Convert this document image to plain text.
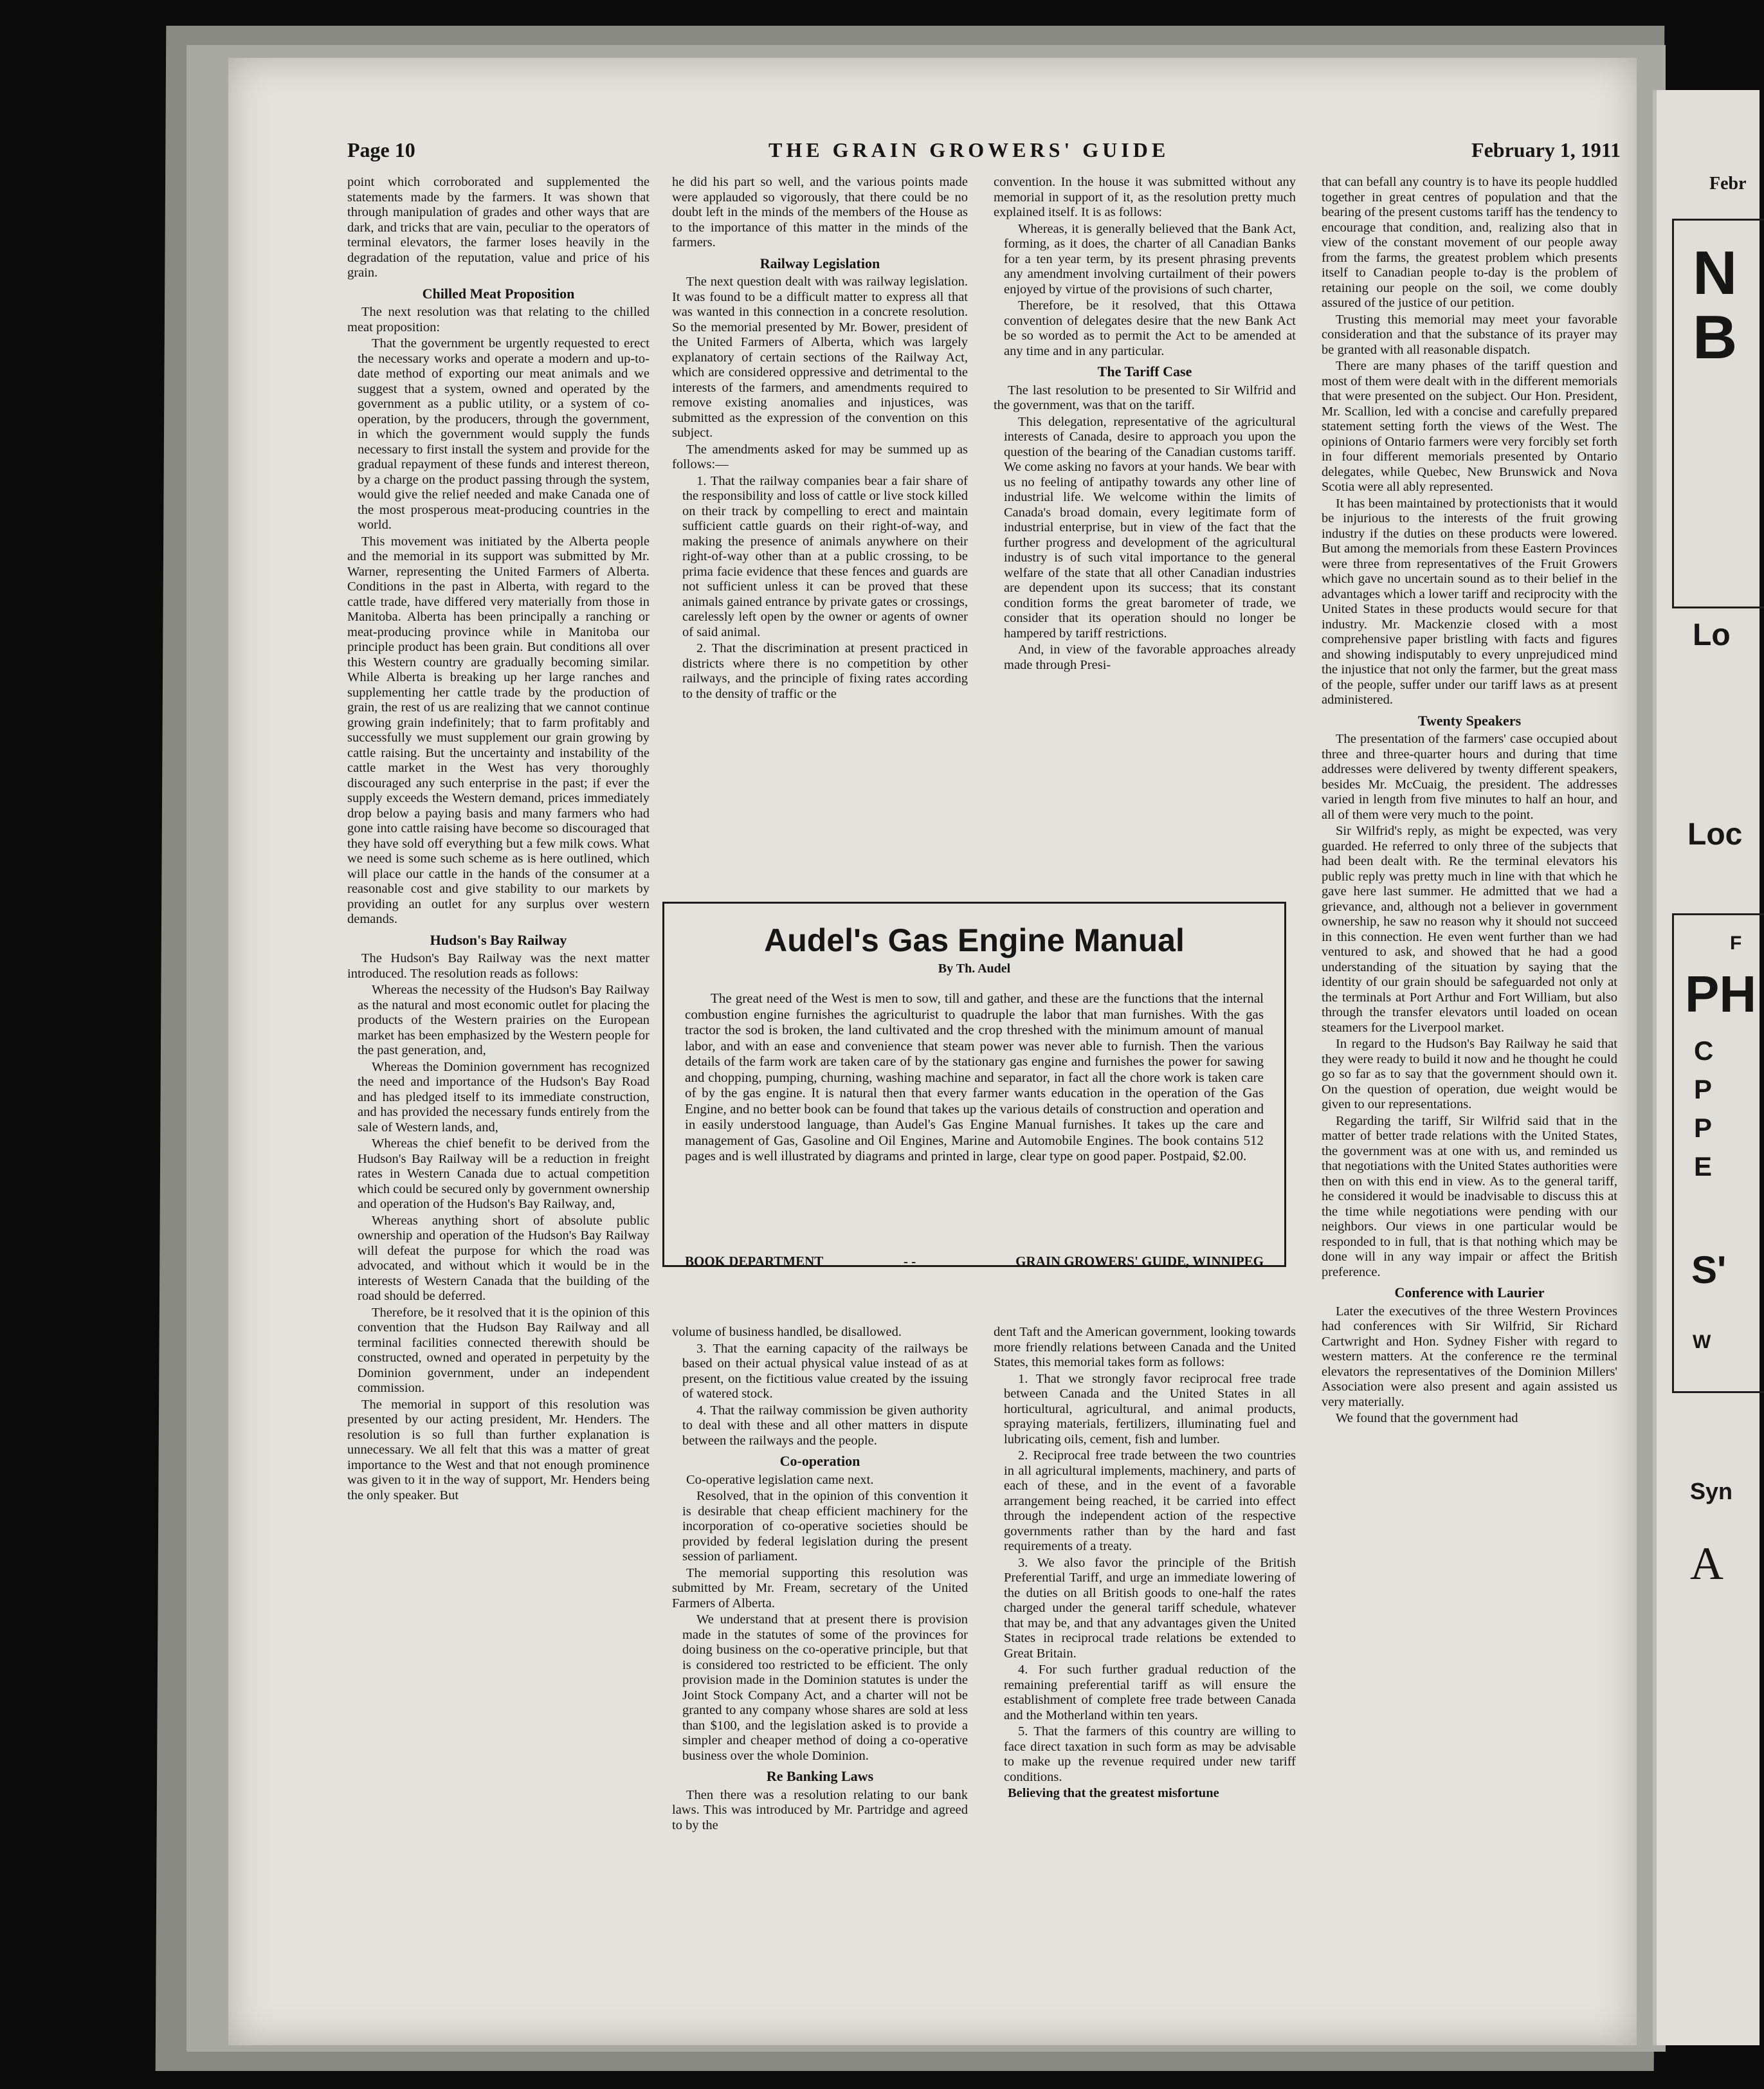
Page 10	THE GRAIN GROWERS' GUIDE	February 1, 1911

point which corroborated and supplemented the statements made by the farmers. It was shown that through manipulation of grades and other ways that are dark, and tricks that are vain, peculiar to the operators of terminal elevators, the farmer loses heavily in the degradation of the reputation, value and price of his grain.

Chilled Meat Proposition

The next resolution was that relating to the chilled meat proposition:

That the government be urgently requested to erect the necessary works and operate a modern and up-to-date method of exporting our meat animals and we suggest that a system, owned and operated by the government as a public utility, or a system of co-operation, by the producers, through the government, in which the government would supply the funds necessary to first install the system and provide for the gradual repayment of these funds and interest thereon, by a charge on the product passing through the system, would give the relief needed and make Canada one of the most prosperous meat-producing countries in the world.

This movement was initiated by the Alberta people and the memorial in its support was submitted by Mr. Warner, representing the United Farmers of Alberta. Conditions in the past in Alberta, with regard to the cattle trade, have differed very materially from those in Manitoba. Alberta has been principally a ranching or meat-producing province while in Manitoba our principle product has been grain. But conditions all over this Western country are gradually becoming similar. While Alberta is breaking up her large ranches and supplementing her cattle trade by the production of grain, the rest of us are realizing that we cannot continue growing grain indefinitely; that to farm profitably and successfully we must supplement our grain growing by cattle raising. But the uncertainty and instability of the cattle market in the West has very thoroughly discouraged any such enterprise in the past; if ever the supply exceeds the Western demand, prices immediately drop below a paying basis and many farmers who had gone into cattle raising have become so discouraged that they have sold off everything but a few milk cows. What we need is some such scheme as is here outlined, which will place our cattle in the hands of the consumer at a reasonable cost and give stability to our markets by providing an outlet for any surplus over western demands.

Hudson's Bay Railway

The Hudson's Bay Railway was the next matter introduced. The resolution reads as follows:

Whereas the necessity of the Hudson's Bay Railway as the natural and most economic outlet for placing the products of the Western prairies on the European market has been emphasized by the Western people for the past generation, and,

Whereas the Dominion government has recognized the need and importance of the Hudson's Bay Road and has pledged itself to its immediate construction, and has provided the necessary funds entirely from the sale of Western lands, and,

Whereas the chief benefit to be derived from the Hudson's Bay Railway will be a reduction in freight rates in Western Canada due to actual competition which could be secured only by government ownership and operation of the Hudson's Bay Railway, and,

Whereas anything short of absolute public ownership and operation of the Hudson's Bay Railway will defeat the purpose for which the road was advocated, and without which it would be in the interests of Western Canada that the building of the road should be deferred.

Therefore, be it resolved that it is the opinion of this convention that the Hudson Bay Railway and all terminal facilities connected therewith should be constructed, owned and operated in perpetuity by the Dominion government, under an independent commission.

The memorial in support of this resolution was presented by our acting president, Mr. Henders. The resolution is so full than further explanation is unnecessary. We all felt that this was a matter of great importance to the West and that not enough prominence was given to it in the way of support, Mr. Henders being the only speaker. But

he did his part so well, and the various points made were applauded so vigorously, that there could be no doubt left in the minds of the members of the House as to the importance of this matter in the minds of the farmers.

Railway Legislation

The next question dealt with was railway legislation. It was found to be a difficult matter to express all that was wanted in this connection in a concrete resolution. So the memorial presented by Mr. Bower, president of the United Farmers of Alberta, which was largely explanatory of certain sections of the Railway Act, which are considered oppressive and detrimental to the interests of the farmers, and amendments required to remove existing anomalies and injustices, was submitted as the expression of the convention on this subject.

The amendments asked for may be summed up as follows:—

1. That the railway companies bear a fair share of the responsibility and loss of cattle or live stock killed on their track by compelling to erect and maintain sufficient cattle guards on their right-of-way, and making the presence of animals anywhere on their right-of-way other than at a public crossing, to be prima facie evidence that these fences and guards are not sufficient unless it can be proved that these animals gained entrance by private gates or crossings, carelessly left open by the owner or agents of owner of said animal.

2. That the discrimination at present practiced in districts where there is no competition by other railways, and the principle of fixing rates according to the density of traffic or the

convention. In the house it was submitted without any memorial in support of it, as the resolution pretty much explained itself. It is as follows:

Whereas, it is generally believed that the Bank Act, forming, as it does, the charter of all Canadian Banks for a ten year term, by its present phrasing prevents any amendment involving curtailment of their powers enjoyed by virtue of the provisions of such charter,

Therefore, be it resolved, that this Ottawa convention of delegates desire that the new Bank Act be so worded as to permit the Act to be amended at any time and in any particular.

The Tariff Case

The last resolution to be presented to Sir Wilfrid and the government, was that on the tariff.

This delegation, representative of the agricultural interests of Canada, desire to approach you upon the question of the bearing of the Canadian customs tariff. We come asking no favors at your hands. We bear with us no feeling of antipathy towards any other line of industrial life. We welcome within the limits of Canada's broad domain, every legitimate form of industrial enterprise, but in view of the fact that the further progress and development of the agricultural industry is of such vital importance to the general welfare of the state that all other Canadian industries are dependent upon its success; that its constant condition forms the great barometer of trade, we consider that its operation should no longer be hampered by tariff restrictions.

And, in view of the favorable approaches already made through Presi-

that can befall any country is to have its people huddled together in great centres of population and that the bearing of the present customs tariff has the tendency to encourage that condition, and, realizing also that in view of the constant movement of our people away from the farms, the greatest problem which presents itself to Canadian people to-day is the problem of retaining our people on the soil, we come doubly assured of the justice of our petition.

Trusting this memorial may meet your favorable consideration and that the substance of its prayer may be granted with all reasonable dispatch.

There are many phases of the tariff question and most of them were dealt with in the different memorials that were presented on the subject. Our Hon. President, Mr. Scallion, led with a concise and carefully prepared statement setting forth the views of the West. The opinions of Ontario farmers were very forcibly set forth in four different memorials presented by Ontario delegates, while Quebec, New Brunswick and Nova Scotia were all ably represented.

It has been maintained by protectionists that it would be injurious to the interests of the fruit growing industry if the duties on these products were lowered. But among the memorials from these Eastern Provinces were three from representatives of the Fruit Growers which gave no uncertain sound as to their belief in the advantages which a lower tariff and reciprocity with the United States in these products would secure for that industry. Mr. Mackenzie closed with a most comprehensive paper bristling with facts and figures and showing indisputably to every unprejudiced mind the injustice that not only the farmer, but the great mass of the people, suffer under our tariff laws as at present administered.

Twenty Speakers

The presentation of the farmers' case occupied about three and three-quarter hours and during that time addresses were delivered by twenty different speakers, besides Mr. McCuaig, the president. The addresses varied in length from five minutes to half an hour, and all of them were very much to the point.

Sir Wilfrid's reply, as might be expected, was very guarded. He referred to only three of the subjects that had been dealt with. Re the terminal elevators his public reply was pretty much in line with that which he gave here last summer. He admitted that we had a grievance, and, although not a believer in government ownership, he saw no reason why it should not succeed in this connection. He even went further than we had ventured to ask, and showed that he had a good understanding of the situation by saying that the identity of our grain should be safeguarded not only at the terminals at Port Arthur and Fort William, but also through the transfer elevators until loaded on ocean steamers for the Liverpool market.

In regard to the Hudson's Bay Railway he said that they were ready to build it now and he thought he could go so far as to say that the government should own it. On the question of operation, due weight would be given to our representations.

Regarding the tariff, Sir Wilfrid said that in the matter of better trade relations with the United States, the government was at one with us, and reminded us that negotiations with the United States authorities were then on with this end in view. As to the general tariff, he considered it would be inadvisable to discuss this at the time while negotiations were pending with our neighbors. Our views in one particular would be responded to in full, that is that nothing which may be done will in any way impair or affect the British preference.

Conference with Laurier

Later the executives of the three Western Provinces had conferences with Sir Wilfrid, Sir Richard Cartwright and Hon. Sydney Fisher with regard to western matters. At the conference re the terminal elevators the representatives of the Dominion Millers' Association were also present and again assisted us very materially.

We found that the government had

Audel's Gas Engine Manual
By Th. Audel
The great need of the West is men to sow, till and gather, and these are the functions that the internal combustion engine furnishes the agriculturist to quadruple the labor that man furnishes. With the gas tractor the sod is broken, the land cultivated and the crop threshed with the minimum amount of manual labor, and with an ease and convenience that steam power was never able to furnish. Then the various details of the farm work are taken care of by the stationary gas engine and furnishes the power for sawing and chopping, pumping, churning, washing machine and separator, in fact all the chore work is taken care of by the gas engine. It is natural then that every farmer wants education in the operation of the Gas Engine, and no better book can be found that takes up the various details of construction and operation and in easily understood language, than Audel's Gas Engine Manual furnishes. It takes up the care and management of Gas, Gasoline and Oil Engines, Marine and Automobile Engines. The book contains 512 pages and is well illustrated by diagrams and printed in large, clear type on good paper. Postpaid, $2.00.
BOOK DEPARTMENT	- -	GRAIN GROWERS' GUIDE, WINNIPEG

volume of business handled, be disallowed.

3. That the earning capacity of the railways be based on their actual physical value instead of as at present, on the fictitious value created by the issuing of watered stock.

4. That the railway commission be given authority to deal with these and all other matters in dispute between the railways and the people.

Co-operation

Co-operative legislation came next.

Resolved, that in the opinion of this convention it is desirable that cheap efficient machinery for the incorporation of co-operative societies should be provided by federal legislation during the present session of parliament.

The memorial supporting this resolution was submitted by Mr. Fream, secretary of the United Farmers of Alberta.

We understand that at present there is provision made in the statutes of some of the provinces for doing business on the co-operative principle, but that is considered too restricted to be efficient. The only provision made in the Dominion statutes is under the Joint Stock Company Act, and a charter will not be granted to any company whose shares are sold at less than $100, and the legislation asked is to provide a simpler and cheaper method of doing a co-operative business over the whole Dominion.

Re Banking Laws

Then there was a resolution relating to our bank laws. This was introduced by Mr. Partridge and agreed to by the

dent Taft and the American government, looking towards more friendly relations between Canada and the United States, this memorial takes form as follows:

1. That we strongly favor reciprocal free trade between Canada and the United States in all horticultural, agricultural, and animal products, spraying materials, fertilizers, illuminating fuel and lubricating oils, cement, fish and lumber.

2. Reciprocal free trade between the two countries in all agricultural implements, machinery, and parts of each of these, and in the event of a favorable arrangement being reached, it be carried into effect through the independent action of the respective governments rather than by the hard and fast requirements of a treaty.

3. We also favor the principle of the British Preferential Tariff, and urge an immediate lowering of the duties on all British goods to one-half the rates charged under the general tariff schedule, whatever that may be, and that any advantages given the United States in reciprocal trade relations be extended to Great Britain.

4. For such further gradual reduction of the remaining preferential tariff as will ensure the establishment of complete free trade between Canada and the Motherland within ten years.

5. That the farmers of this country are willing to face direct taxation in such form as may be advisable to make up the revenue required under new tariff conditions.

Believing that the greatest misfortune

Febr
N
B
Lo
Loc
F
PH
C
P
P
E
S'
W
Syn
A
